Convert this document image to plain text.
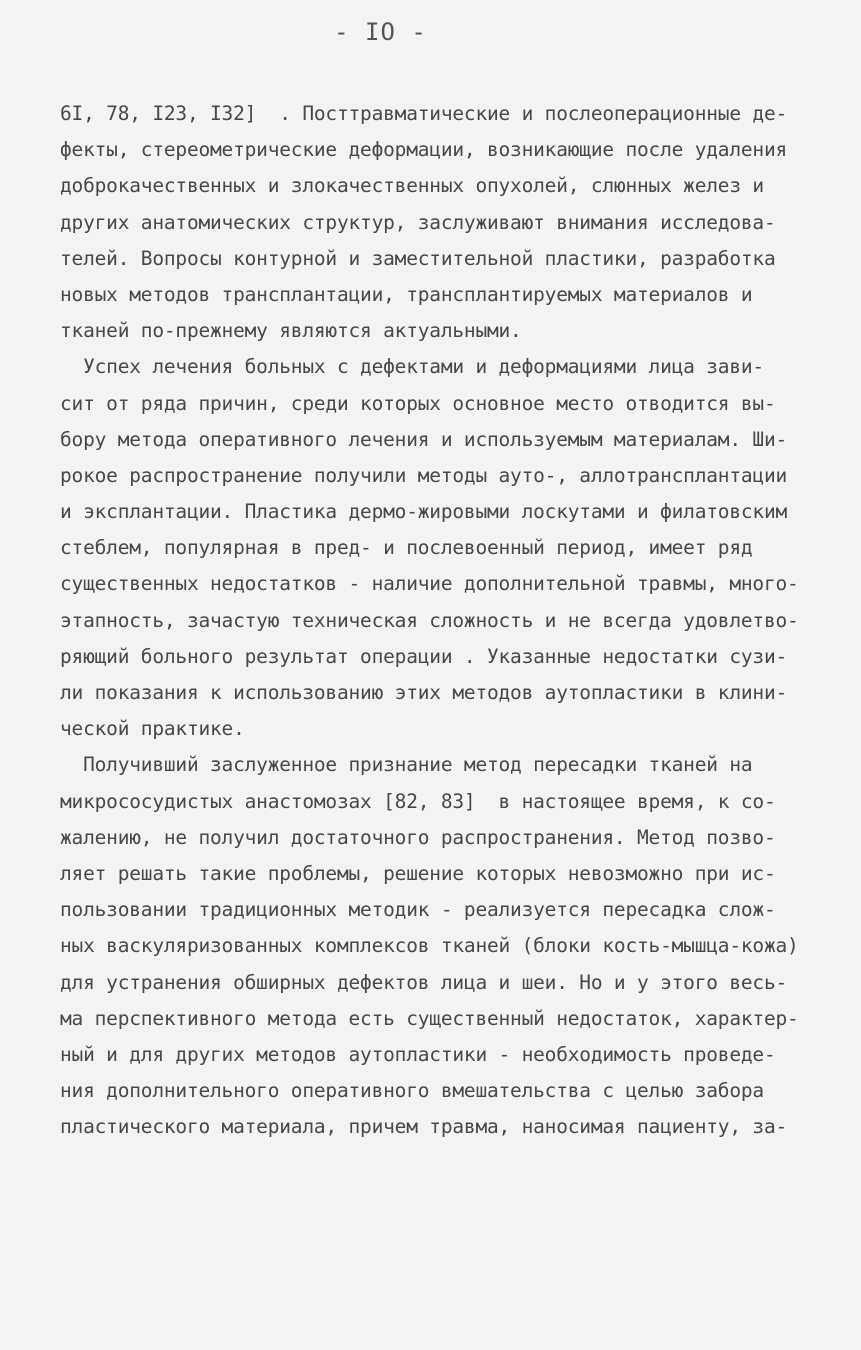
- IO -
6I, 78, I23, I32]  . Посттравматические и послеоперационные де-
фекты, стереометрические деформации, возникающие после удаления
доброкачественных и злокачественных опухолей, слюнных желез и
других анатомических структур, заслуживают внимания исследова-
телей. Вопросы контурной и заместительной пластики, разработка
новых методов трансплантации, трансплантируемых материалов и
тканей по-прежнему являются актуальными.
Успех лечения больных с дефектами и деформациями лица зави-
сит от ряда причин, среди которых основное место отводится вы-
бору метода оперативного лечения и используемым материалам. Ши-
рокое распространение получили методы ауто-, аллотрансплантации
и эксплантации. Пластика дермо-жировыми лоскутами и филатовским
стеблем, популярная в пред- и послевоенный период, имеет ряд
существенных недостатков - наличие дополнительной травмы, много-
этапность, зачастую техническая сложность и не всегда удовлетво-
ряющий больного результат операции . Указанные недостатки сузи-
ли показания к использованию этих методов аутопластики в клини-
ческой практике.
Получивший заслуженное признание метод пересадки тканей на
микрососудистых анастомозах [82, 83]  в настоящее время, к со-
жалению, не получил достаточного распространения. Метод позво-
ляет решать такие проблемы, решение которых невозможно при ис-
пользовании традиционных методик - реализуется пересадка слож-
ных васкуляризованных комплексов тканей (блоки кость-мышца-кожа)
для устранения обширных дефектов лица и шеи. Но и у этого весь-
ма перспективного метода есть существенный недостаток, характер-
ный и для других методов аутопластики - необходимость проведе-
ния дополнительного оперативного вмешательства с целью забора
пластического материала, причем травма, наносимая пациенту, за-
